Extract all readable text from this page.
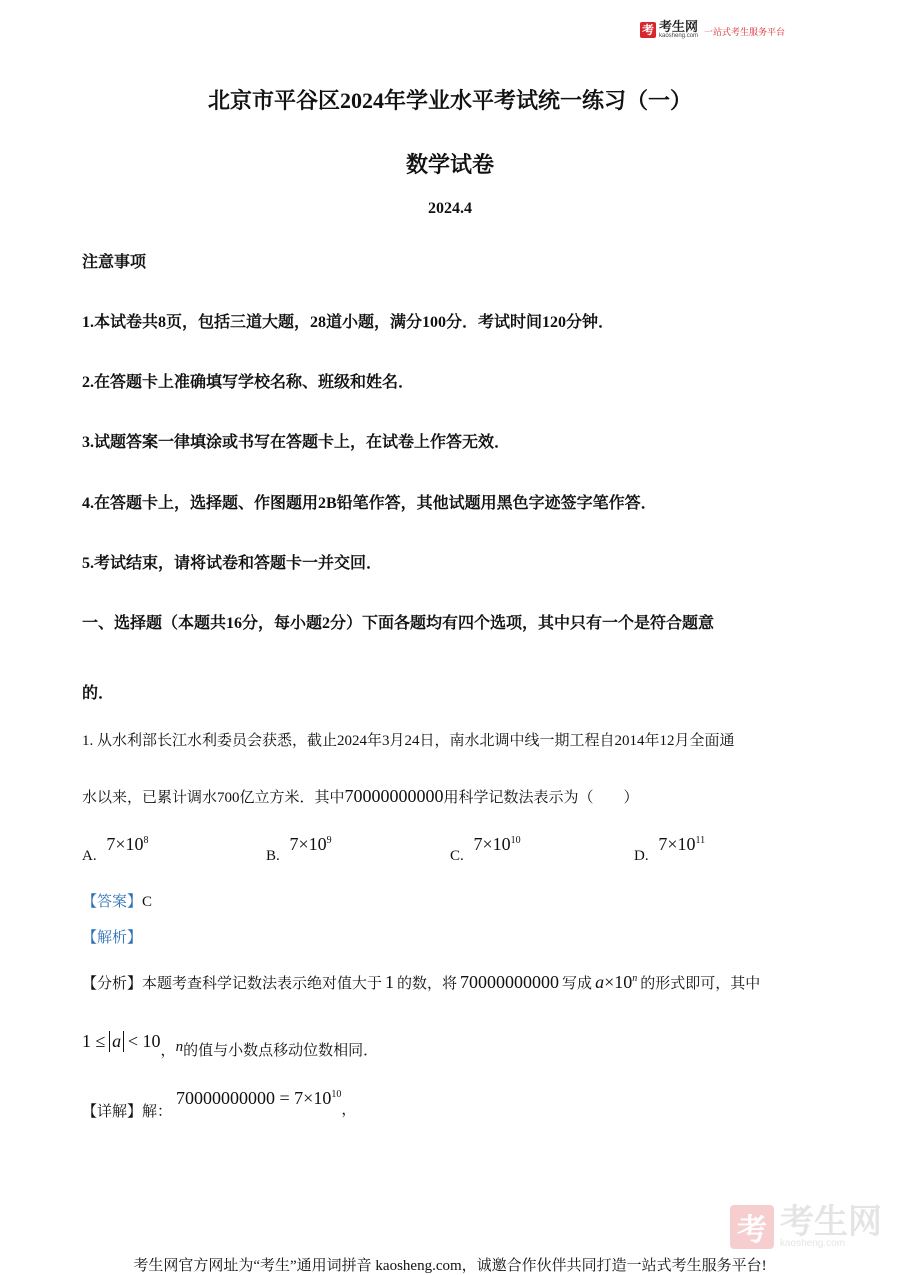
考 考生网
kaosheng.com 一站式考生服务平台
北京市平谷区2024年学业水平考试统一练习（一）
数学试卷
2024.4
注意事项
1.本试卷共8页，包括三道大题，28道小题，满分100分．考试时间120分钟．
2.在答题卡上准确填写学校名称、班级和姓名．
3.试题答案一律填涂或书写在答题卡上，在试卷上作答无效．
4.在答题卡上，选择题、作图题用2B铅笔作答，其他试题用黑色字迹签字笔作答．
5.考试结束，请将试卷和答题卡一并交回．
一、选择题（本题共16分，每小题2分）下面各题均有四个选项，其中只有一个是符合题意
的．
1. 从水利部长江水利委员会获悉，截止2024年3月24日，南水北调中线一期工程自2014年12月全面通
水以来，已累计调水700亿立方米．其中70000000000用科学记数法表示为（　　）
A. $7\times 10^8$
B. $7\times 10^9$
C. $7\times 10^{10}$
D. $7\times 10^{11}$
【答案】C
【解析】
【分析】本题考查科学记数法表示绝对值大于 1 的数，将 70000000000 写成 $a\times 10^n$ 的形式即可，其中
1 ≤ a < 10，n的值与小数点移动位数相同．
【详解】解：$70000000000 = 7\times 10^{10}$，
考 考生网
kaosheng.com
考生网官方网址为“考生”通用词拼音 kaosheng.com，诚邀合作伙伴共同打造一站式考生服务平台!
